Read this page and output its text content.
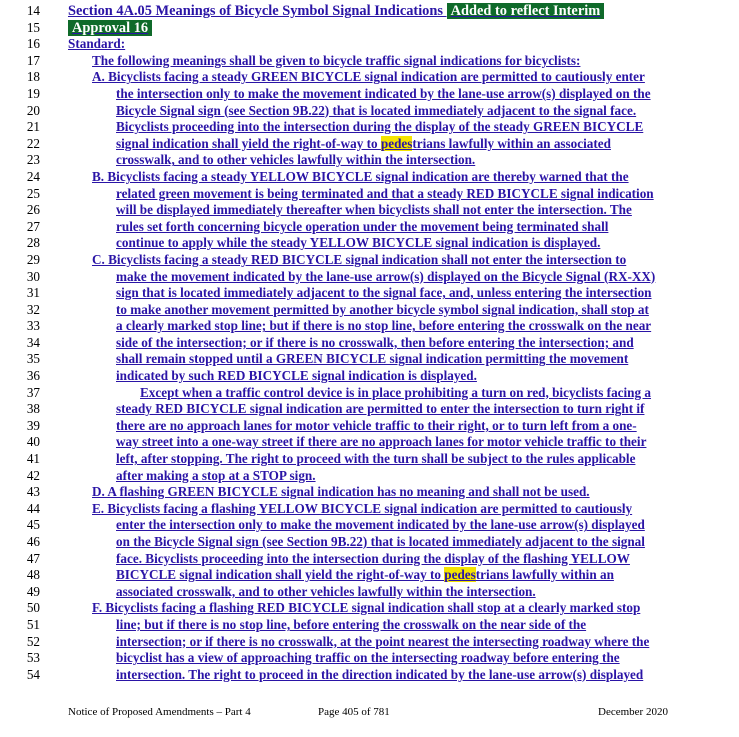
14 Section 4A.05 Meanings of Bicycle Symbol Signal Indications Added to reflect Interim
15 Approval 16
16 Standard:
17	The following meanings shall be given to bicycle traffic signal indications for bicyclists:
18	A. Bicyclists facing a steady GREEN BICYCLE signal indication are permitted to cautiously enter
19	the intersection only to make the movement indicated by the lane-use arrow(s) displayed on the
20	Bicycle Signal sign (see Section 9B.22) that is located immediately adjacent to the signal face.
21	Bicyclists proceeding into the intersection during the display of the steady GREEN BICYCLE
22	signal indication shall yield the right-of-way to pedestrians lawfully within an associated
23	crosswalk, and to other vehicles lawfully within the intersection.
24	B. Bicyclists facing a steady YELLOW BICYCLE signal indication are thereby warned that the
25	related green movement is being terminated and that a steady RED BICYCLE signal indication
26	will be displayed immediately thereafter when bicyclists shall not enter the intersection. The
27	rules set forth concerning bicycle operation under the movement being terminated shall
28	continue to apply while the steady YELLOW BICYCLE signal indication is displayed.
29	C. Bicyclists facing a steady RED BICYCLE signal indication shall not enter the intersection to
30	make the movement indicated by the lane-use arrow(s) displayed on the Bicycle Signal (RX-XX)
31	sign that is located immediately adjacent to the signal face, and, unless entering the intersection
32	to make another movement permitted by another bicycle symbol signal indication, shall stop at
33	a clearly marked stop line; but if there is no stop line, before entering the crosswalk on the near
34	side of the intersection; or if there is no crosswalk, then before entering the intersection; and
35	shall remain stopped until a GREEN BICYCLE signal indication permitting the movement
36	indicated by such RED BICYCLE signal indication is displayed.
37	Except when a traffic control device is in place prohibiting a turn on red, bicyclists facing a
38	steady RED BICYCLE signal indication are permitted to enter the intersection to turn right if
39	there are no approach lanes for motor vehicle traffic to their right, or to turn left from a one-
40	way street into a one-way street if there are no approach lanes for motor vehicle traffic to their
41	left, after stopping. The right to proceed with the turn shall be subject to the rules applicable
42	after making a stop at a STOP sign.
43	D. A flashing GREEN BICYCLE signal indication has no meaning and shall not be used.
44	E. Bicyclists facing a flashing YELLOW BICYCLE signal indication are permitted to cautiously
45	enter the intersection only to make the movement indicated by the lane-use arrow(s) displayed
46	on the Bicycle Signal sign (see Section 9B.22) that is located immediately adjacent to the signal
47	face. Bicyclists proceeding into the intersection during the display of the flashing YELLOW
48	BICYCLE signal indication shall yield the right-of-way to pedestrians lawfully within an
49	associated crosswalk, and to other vehicles lawfully within the intersection.
50	F. Bicyclists facing a flashing RED BICYCLE signal indication shall stop at a clearly marked stop
51	line; but if there is no stop line, before entering the crosswalk on the near side of the
52	intersection; or if there is no crosswalk, at the point nearest the intersecting roadway where the
53	bicyclist has a view of approaching traffic on the intersecting roadway before entering the
54	intersection. The right to proceed in the direction indicated by the lane-use arrow(s) displayed
Notice of Proposed Amendments – Part 4	Page 405 of 781	December 2020
